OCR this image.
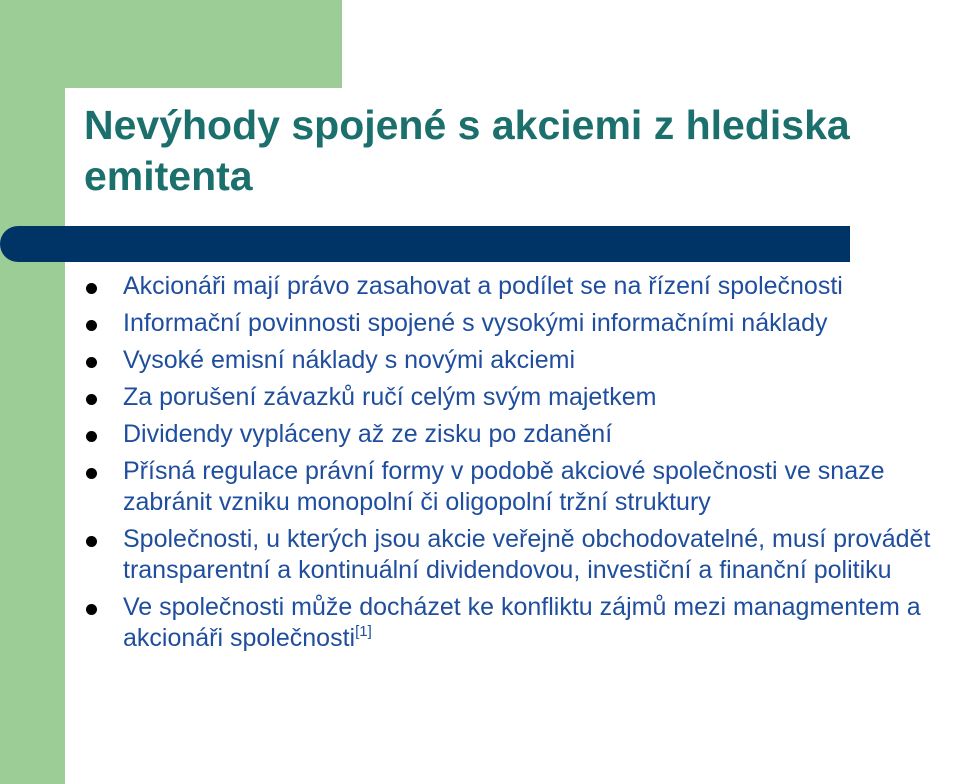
Nevýhody spojené s akciemi z hlediska emitenta
Akcionáři mají právo zasahovat a podílet se na řízení společnosti
Informační povinnosti spojené s vysokými informačními náklady
Vysoké emisní náklady s novými akciemi
Za porušení závazků ručí celým svým majetkem
Dividendy vypláceny až ze zisku po zdanění
Přísná regulace právní formy v podobě akciové společnosti ve snaze zabránit vzniku monopolní či oligopolní tržní struktury
Společnosti, u kterých jsou akcie veřejně obchodovatelné, musí provádět transparentní a kontinuální dividendovou, investiční a finanční politiku
Ve společnosti může docházet ke konfliktu zájmů mezi managmentem a akcionáři společnosti[1]
